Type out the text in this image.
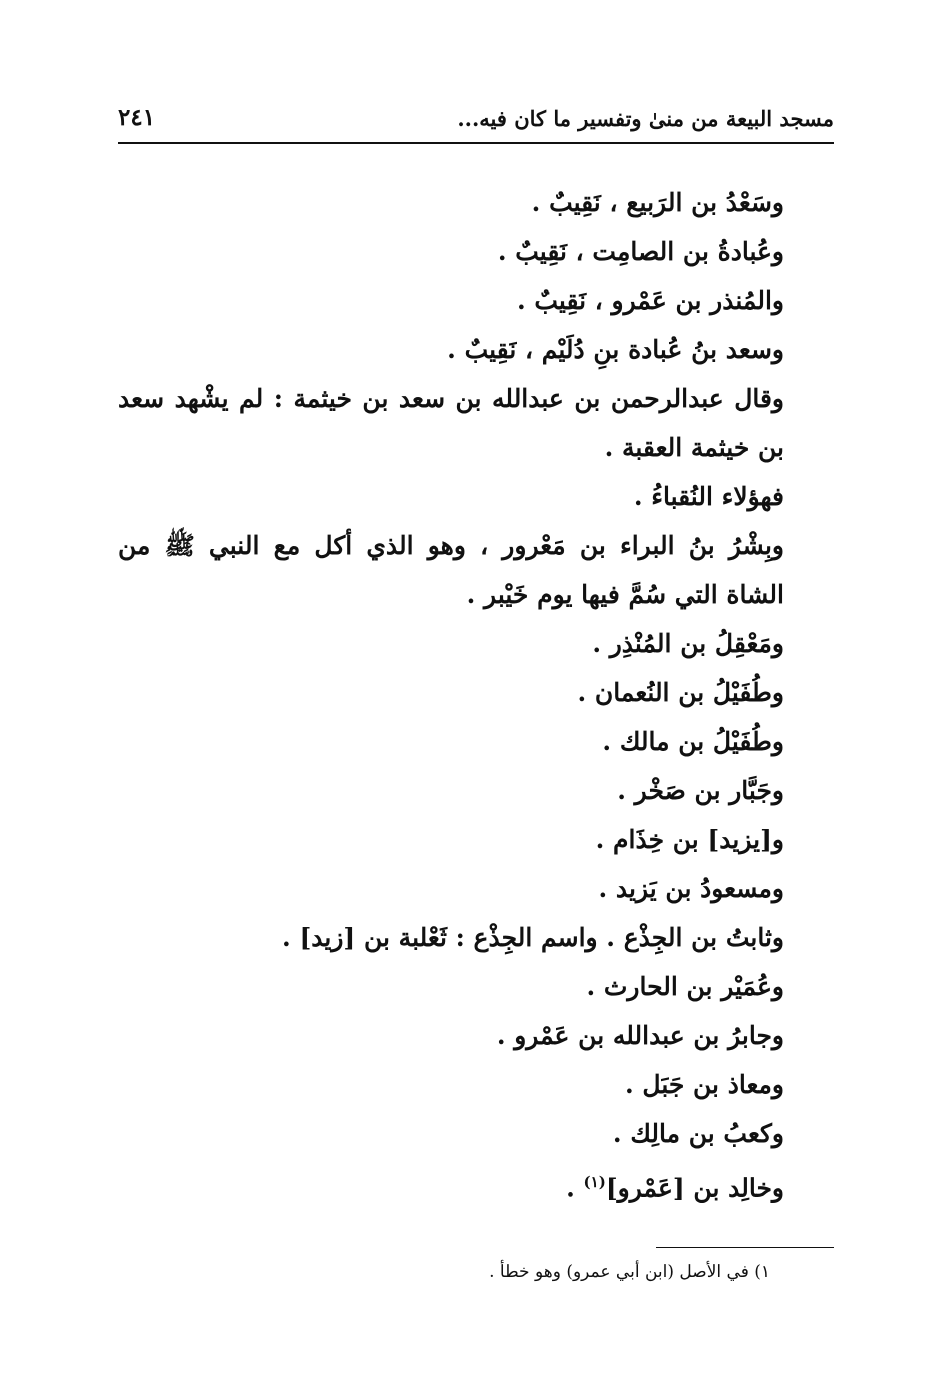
مسجد البيعة من منىٰ وتفسير ما كان فيه...
٢٤١
وسَعْدُ بن الرَبيع ، نَقِيبٌ .
وعُبادةُ بن الصامِت ، نَقِيبٌ .
والمُنذر بن عَمْرو ، نَقِيبٌ .
وسعد بنُ عُبادة بنِ دُلَيْم ، نَقِيبٌ .
وقال عبدالرحمن بن عبدالله بن سعد بن خيثمة : لم يشْهد سعد بن خيثمة العقبة .
فهؤلاء النُقباءُ .
وبِشْرُ بنُ البراء بن مَعْرور ، وهو الذي أكل مع النبي ﷺ من الشاة التي سُمَّ فيها يوم خَيْبر .
ومَعْقِلُ بن المُنْذِر .
وطُفَيْلُ بن النُعمان .
وطُفَيْلُ بن مالك .
وجَبَّار بن صَخْر .
و[يزيد] بن خِذَام .
ومسعودُ بن يَزيد .
وثابتُ بن الجِذْع . واسم الجِذْع : ثَعْلبة بن [زيد] .
وعُمَيْر بن الحارث .
وجابرُ بن عبدالله بن عَمْرو .
ومعاذ بن جَبَل .
وكعبُ بن مالِك .
وخالِد بن [عَمْرو]$^{(١)}$ .
١) في الأصل (ابن أبي عمرو) وهو خطأ .
